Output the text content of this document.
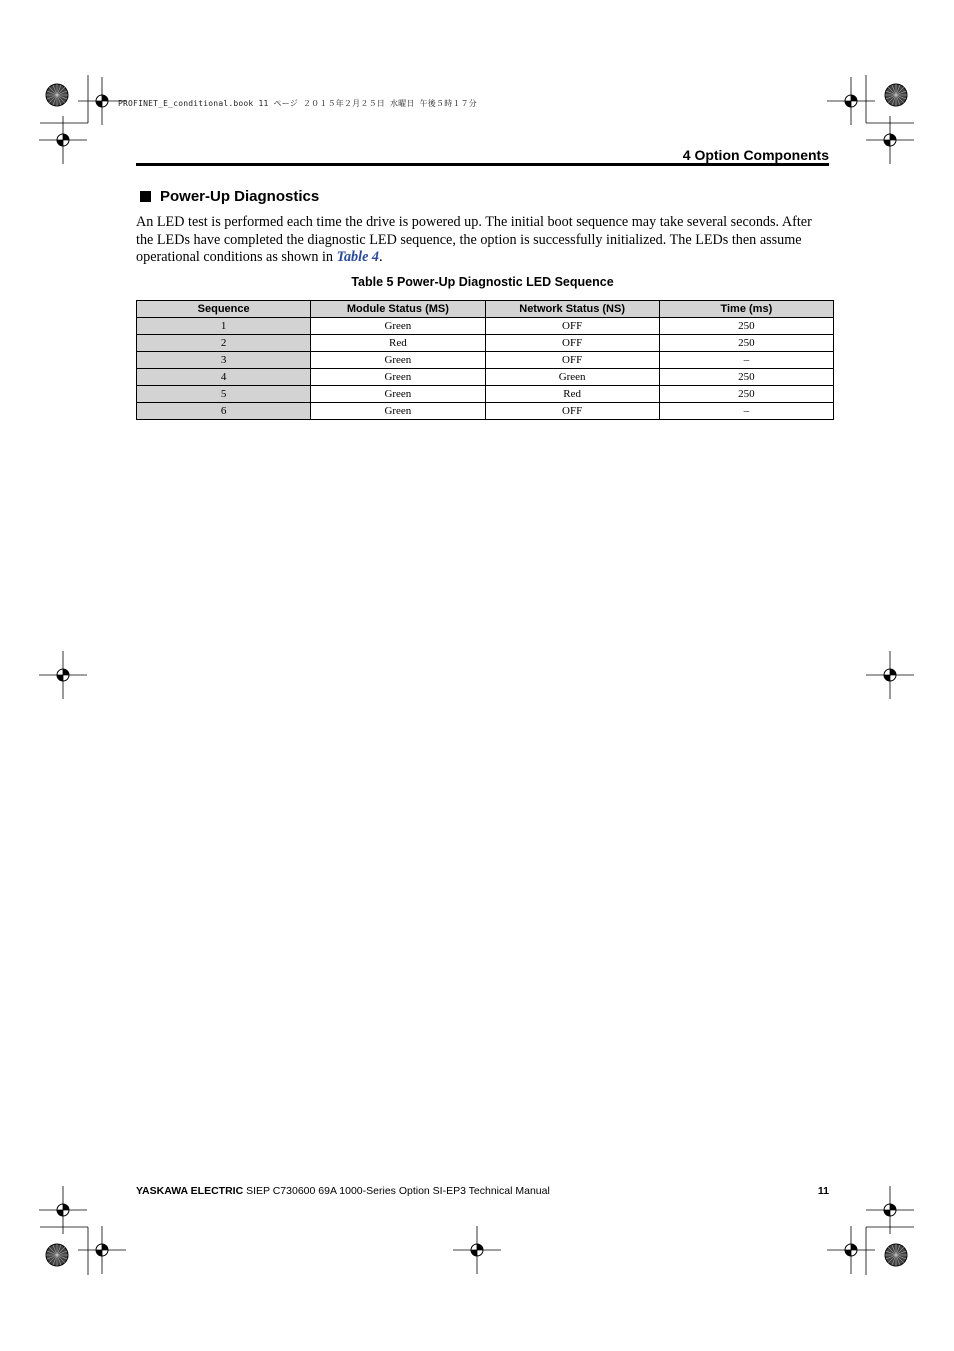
PROFINET_E_conditional.book 11 ページ ２０１５年２月２５日 水曜日 午後５時１７分
4 Option Components
Power-Up Diagnostics
An LED test is performed each time the drive is powered up. The initial boot sequence may take several seconds. After the LEDs have completed the diagnostic LED sequence, the option is successfully initialized. The LEDs then assume operational conditions as shown in Table 4.
Table 5 Power-Up Diagnostic LED Sequence
Sequence	Module Status (MS)	Network Status (NS)	Time (ms)
1	Green	OFF	250
2	Red	OFF	250
3	Green	OFF	–
4	Green	Green	250
5	Green	Red	250
6	Green	OFF	–
YASKAWA ELECTRIC SIEP C730600 69A 1000-Series Option SI-EP3 Technical Manual	11
